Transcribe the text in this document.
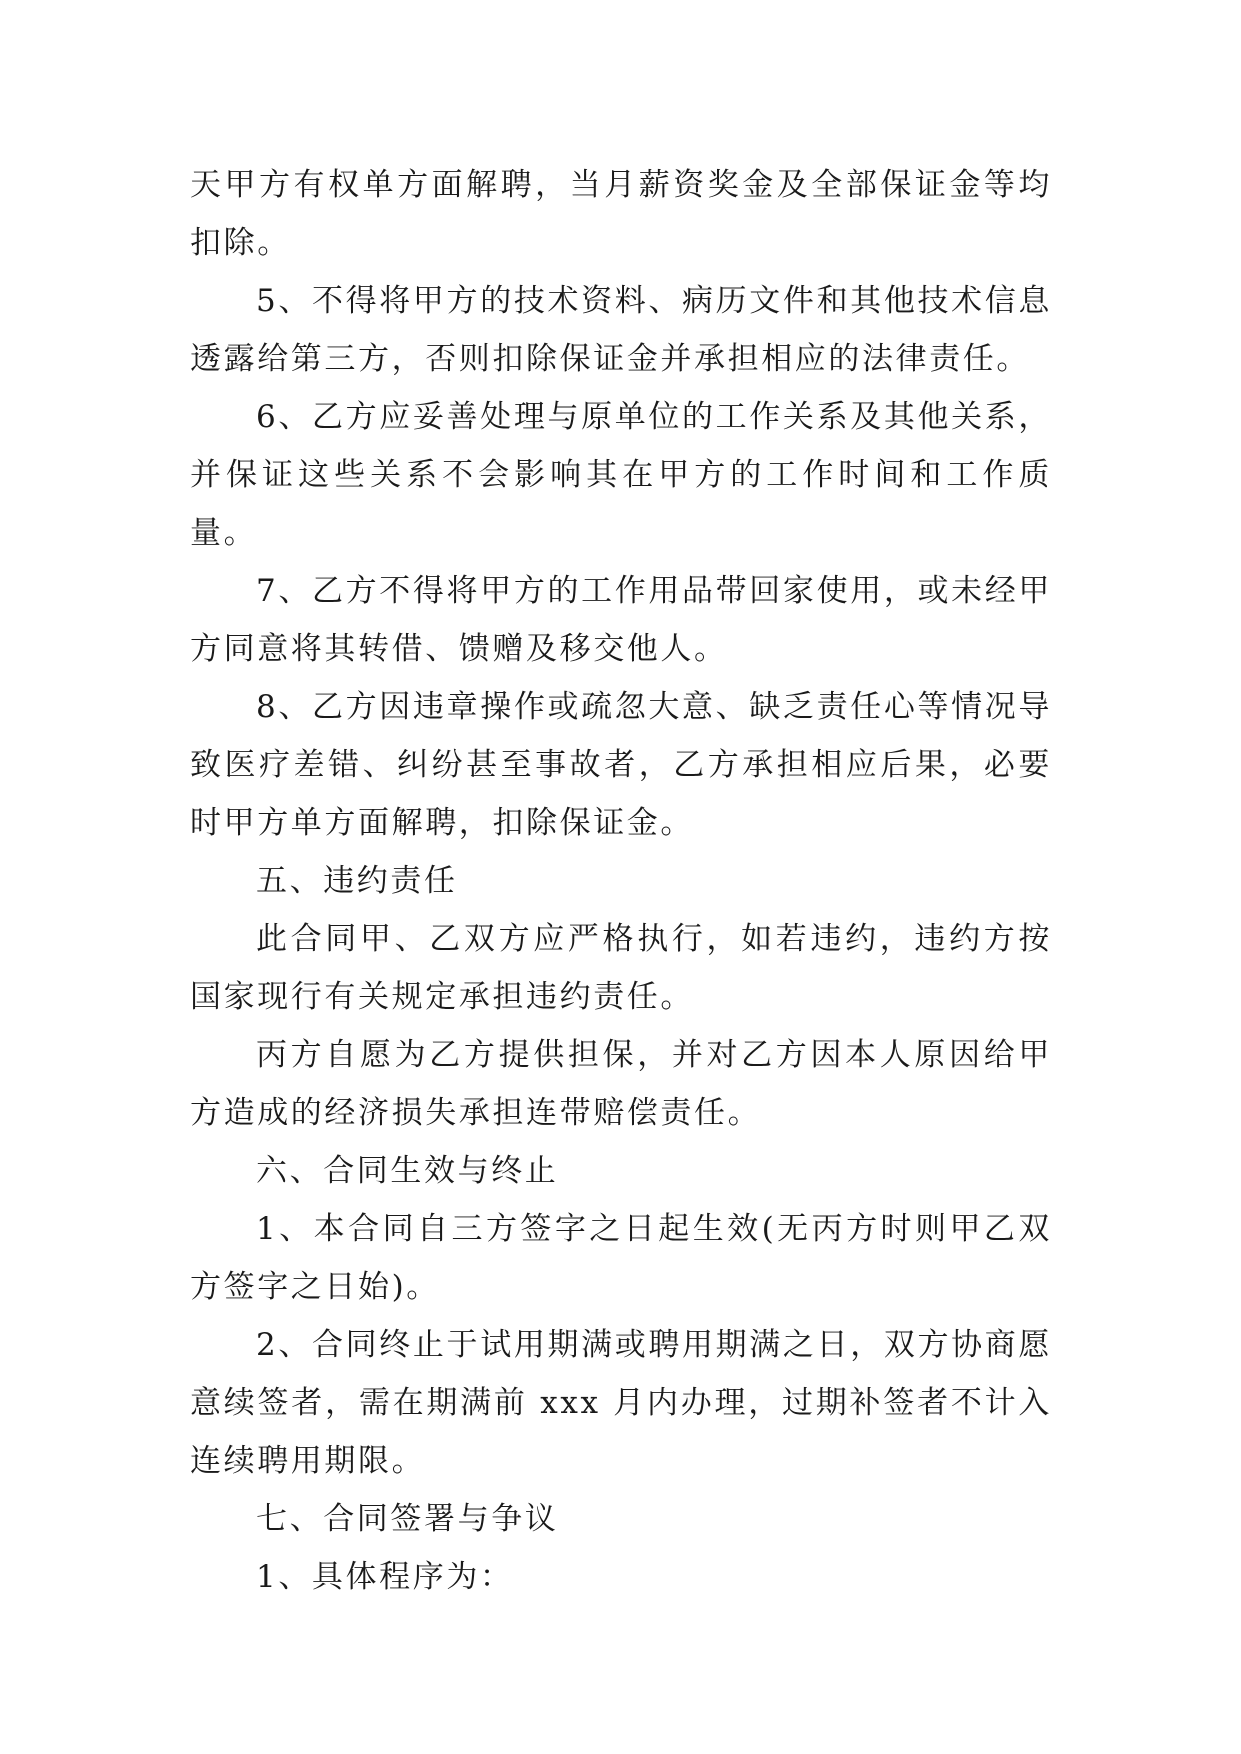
天甲方有权单方面解聘，当月薪资奖金及全部保证金等均扣除。

5、不得将甲方的技术资料、病历文件和其他技术信息透露给第三方，否则扣除保证金并承担相应的法律责任。

6、乙方应妥善处理与原单位的工作关系及其他关系，并保证这些关系不会影响其在甲方的工作时间和工作质量。

7、乙方不得将甲方的工作用品带回家使用，或未经甲方同意将其转借、馈赠及移交他人。

8、乙方因违章操作或疏忽大意、缺乏责任心等情况导致医疗差错、纠纷甚至事故者，乙方承担相应后果，必要时甲方单方面解聘，扣除保证金。

五、违约责任

此合同甲、乙双方应严格执行，如若违约，违约方按国家现行有关规定承担违约责任。

丙方自愿为乙方提供担保，并对乙方因本人原因给甲方造成的经济损失承担连带赔偿责任。

六、合同生效与终止

1、本合同自三方签字之日起生效(无丙方时则甲乙双方签字之日始)。

2、合同终止于试用期满或聘用期满之日，双方协商愿意续签者，需在期满前 xxx 月内办理，过期补签者不计入连续聘用期限。

七、合同签署与争议

1、具体程序为：
